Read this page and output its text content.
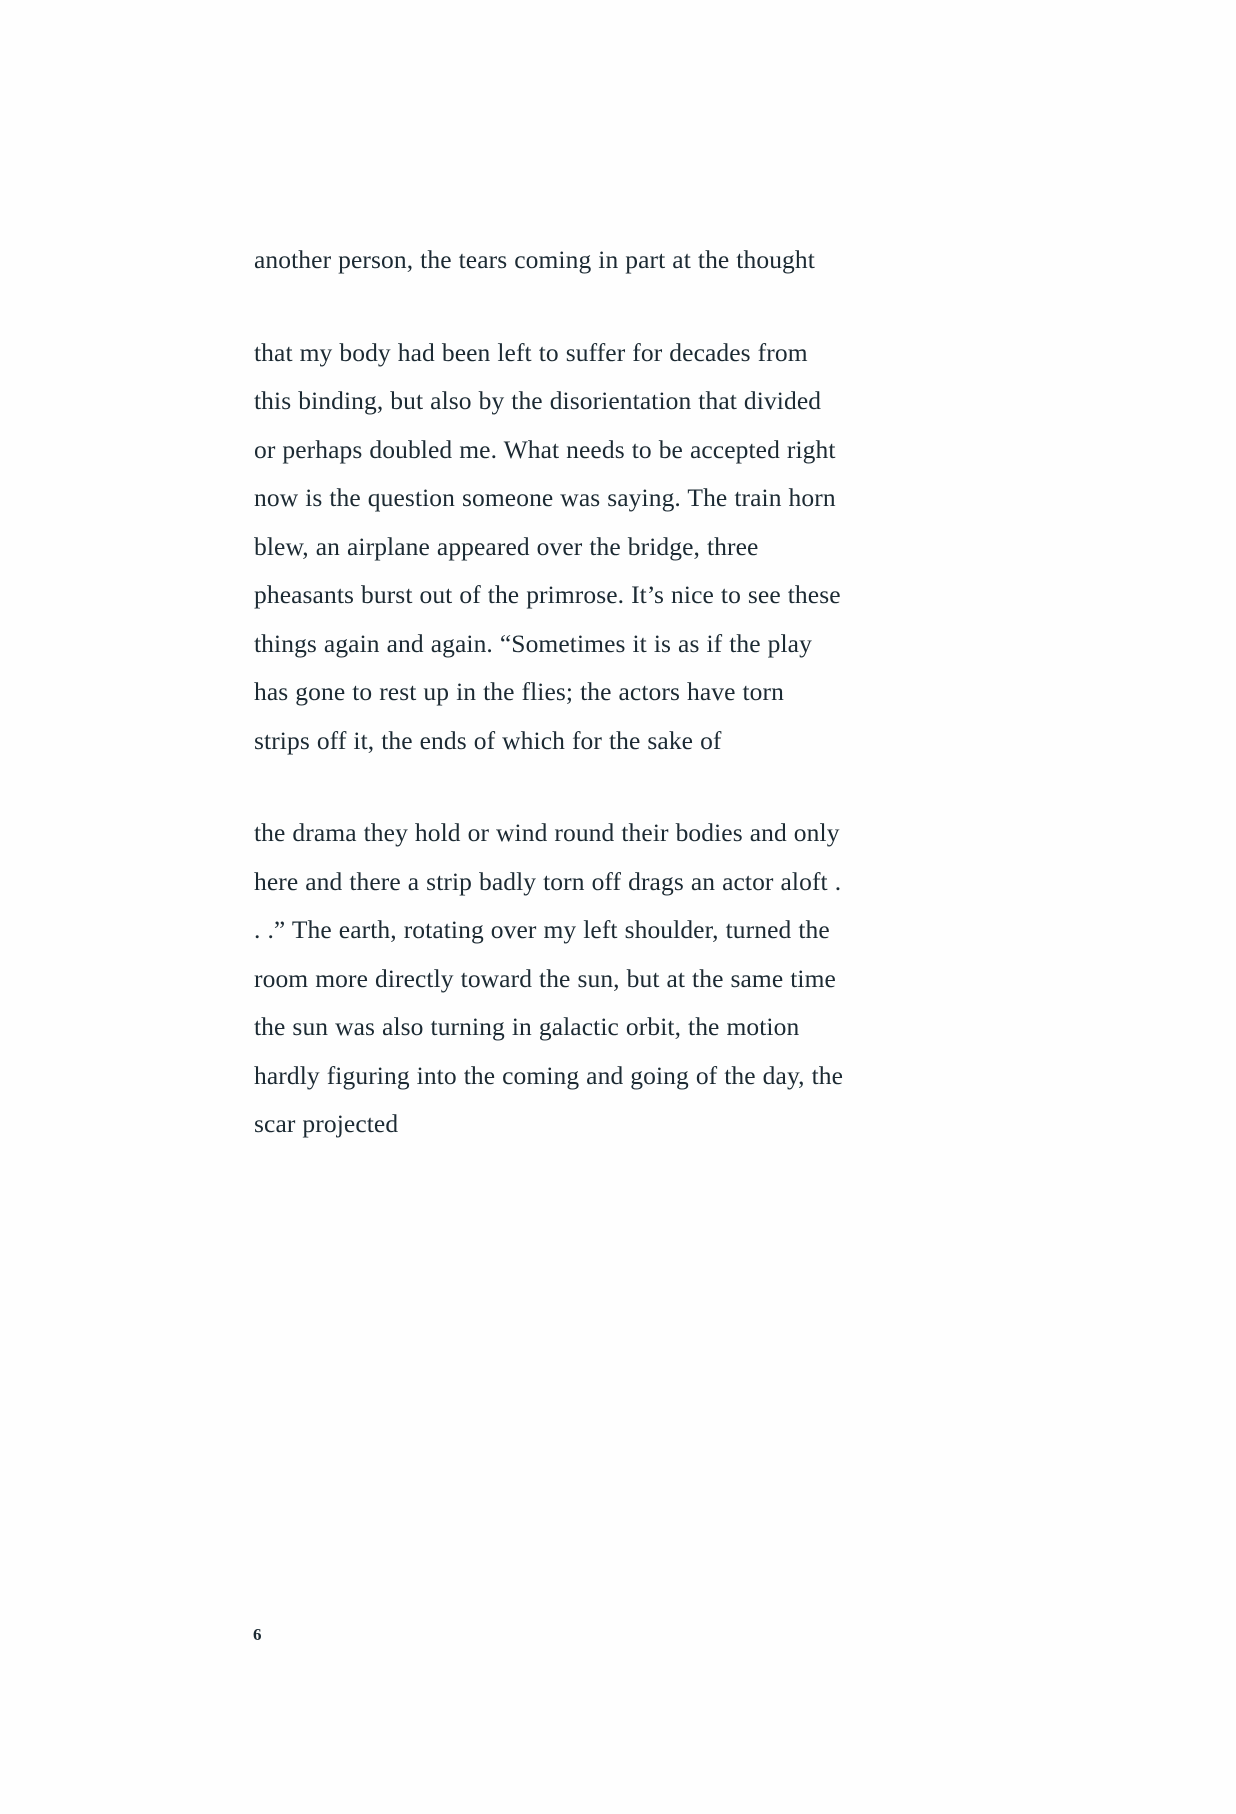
another person, the tears coming in part at the thought

that my body had been left to suffer for decades from this binding, but also by the disorientation that divided or perhaps doubled me. What needs to be accepted right now is the question someone was saying. The train horn blew, an airplane appeared over the bridge, three pheasants burst out of the primrose. It’s nice to see these things again and again. “Sometimes it is as if the play has gone to rest up in the flies; the actors have torn strips off it, the ends of which for the sake of

the drama they hold or wind round their bodies and only here and there a strip badly torn off drags an actor aloft . . .” The earth, rotating over my left shoulder, turned the room more directly toward the sun, but at the same time the sun was also turning in galactic orbit, the motion hardly figuring into the coming and going of the day, the scar projected

6
